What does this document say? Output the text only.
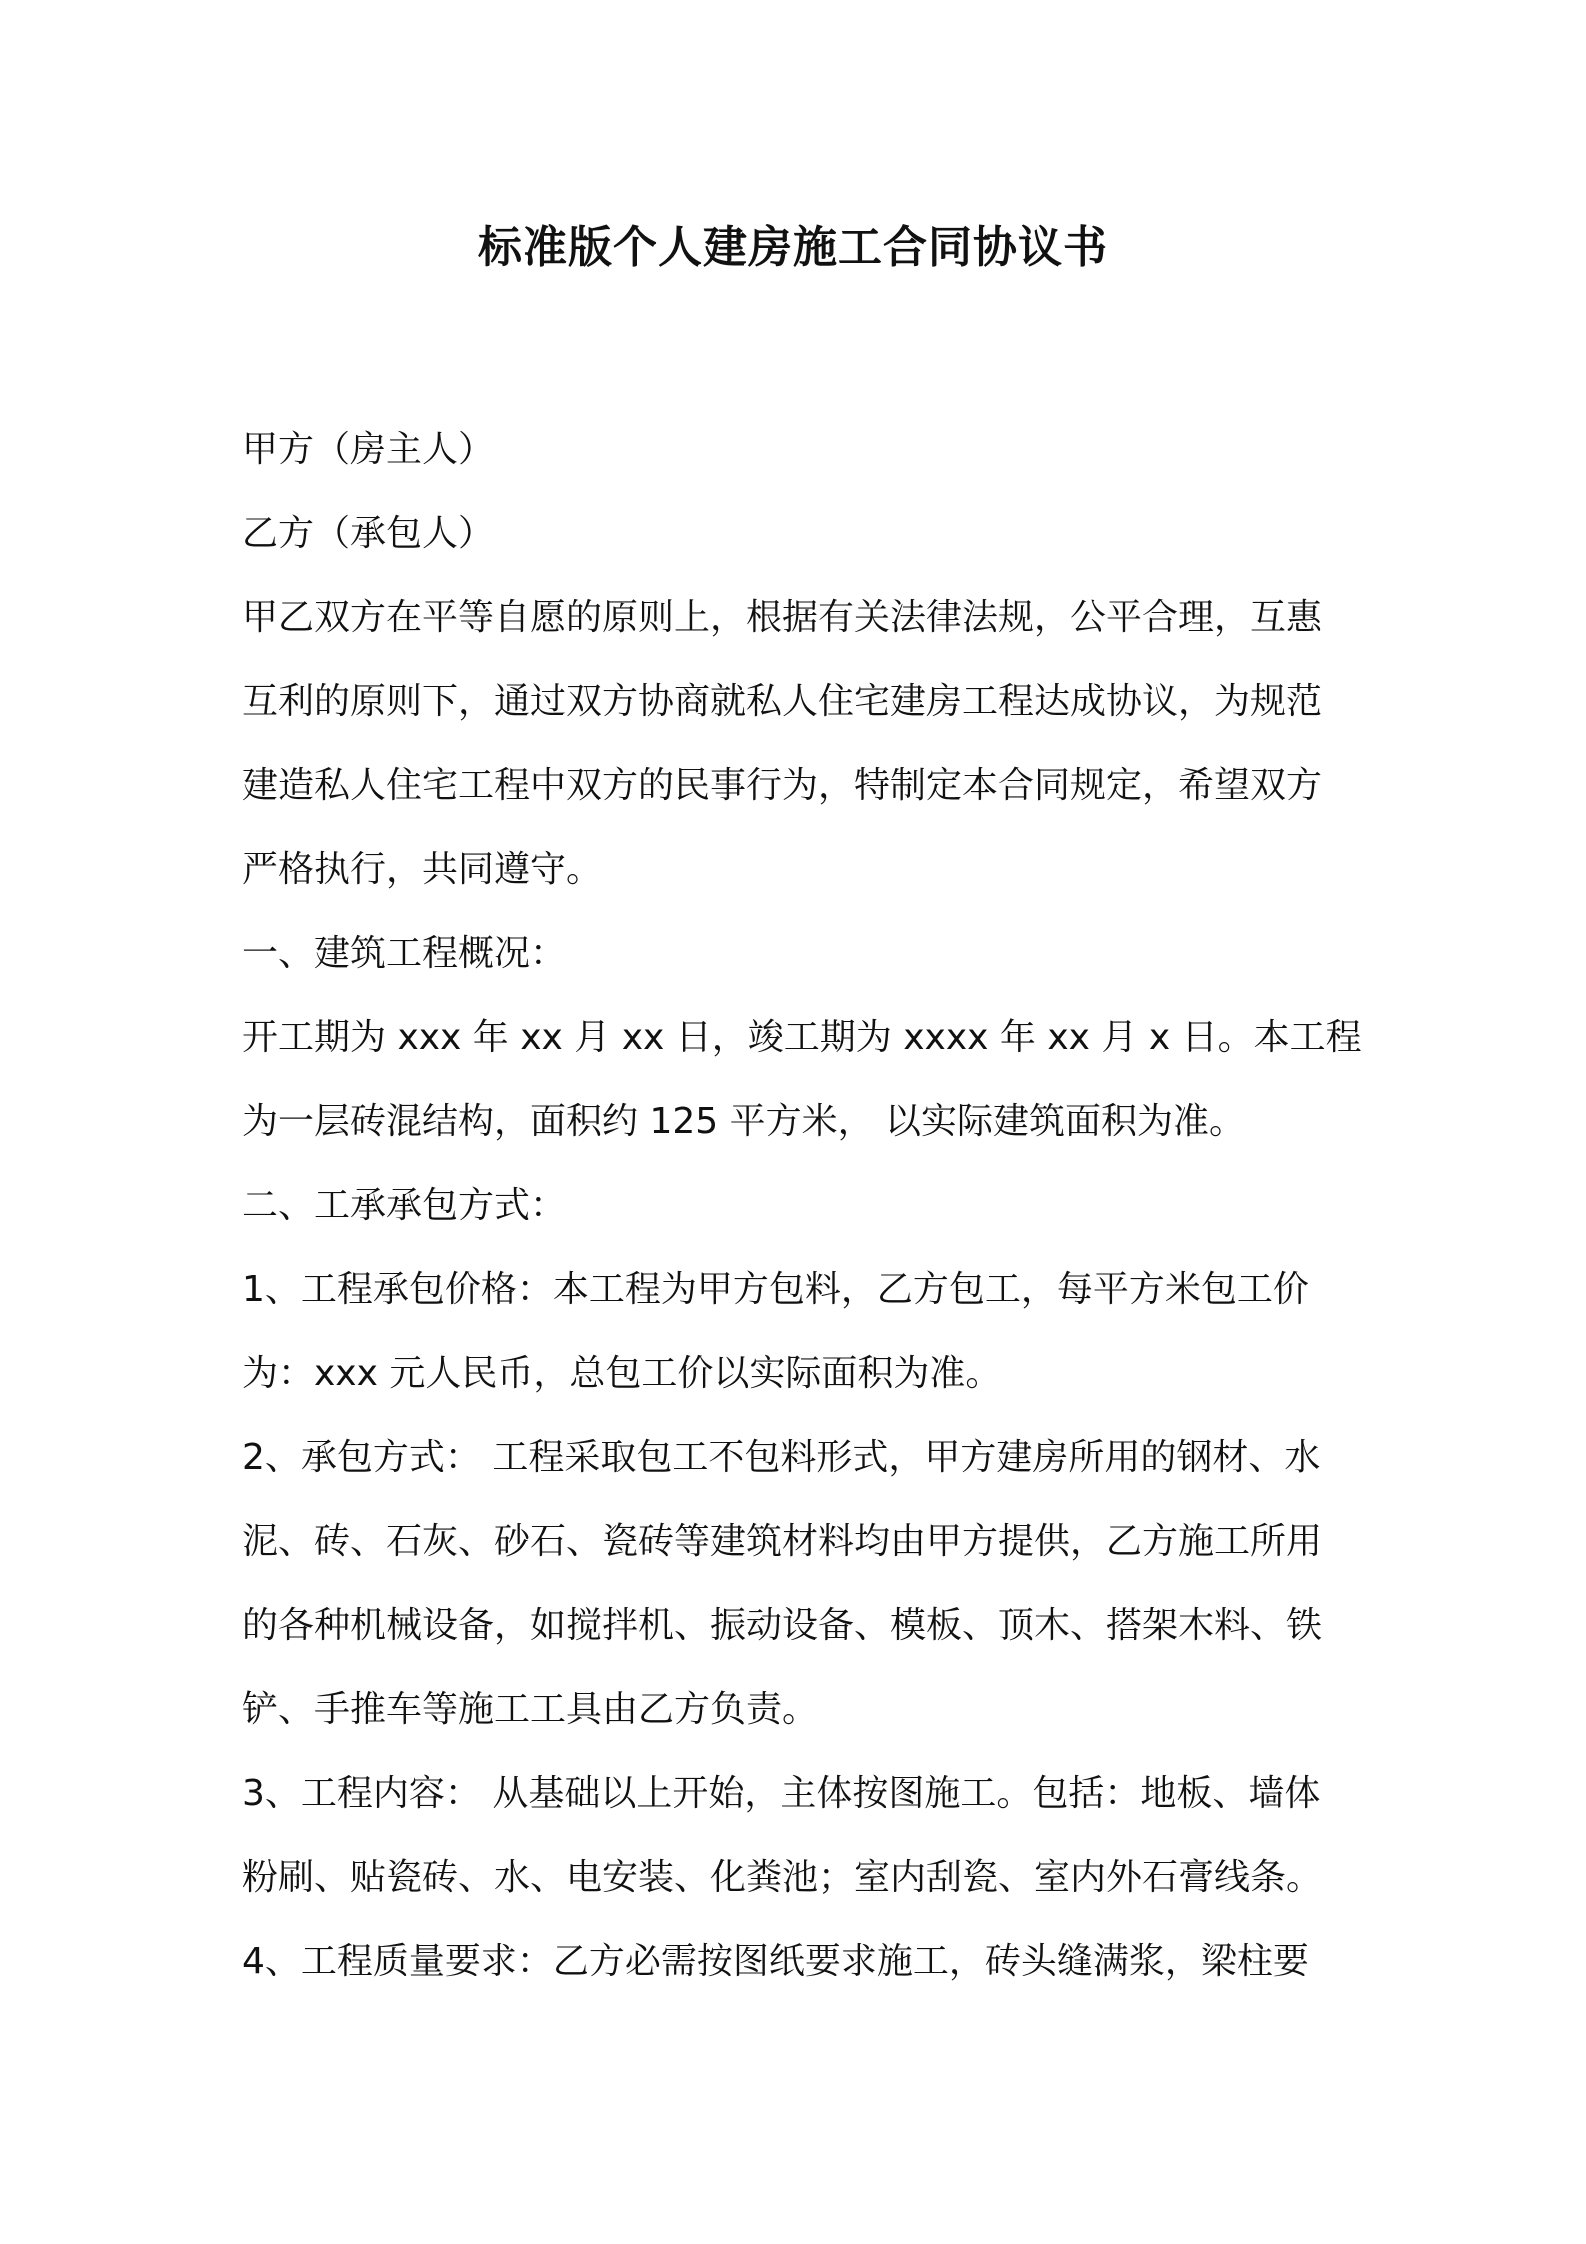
标准版个人建房施工合同协议书
甲方（房主人）
乙方（承包人）
甲乙双方在平等自愿的原则上，根据有关法律法规，公平合理，互惠
互利的原则下，通过双方协商就私人住宅建房工程达成协议，为规范
建造私人住宅工程中双方的民事行为，特制定本合同规定，希望双方
严格执行，共同遵守。
一、建筑工程概况：
开工期为 xxx 年 xx 月 xx 日，竣工期为 xxxx 年 xx 月 x 日。本工程
为一层砖混结构，面积约 125 平方米， 以实际建筑面积为准。
二、工承承包方式：
1、工程承包价格：本工程为甲方包料，乙方包工，每平方米包工价
为：xxx 元人民币，总包工价以实际面积为准。
2、承包方式： 工程采取包工不包料形式，甲方建房所用的钢材、水
泥、砖、石灰、砂石、瓷砖等建筑材料均由甲方提供，乙方施工所用
的各种机械设备，如搅拌机、振动设备、模板、顶木、搭架木料、铁
铲、手推车等施工工具由乙方负责。
3、工程内容： 从基础以上开始，主体按图施工。包括：地板、墙体
粉刷、贴瓷砖、水、电安装、化粪池；室内刮瓷、室内外石膏线条。
4、工程质量要求：乙方必需按图纸要求施工，砖头缝满浆，梁柱要
